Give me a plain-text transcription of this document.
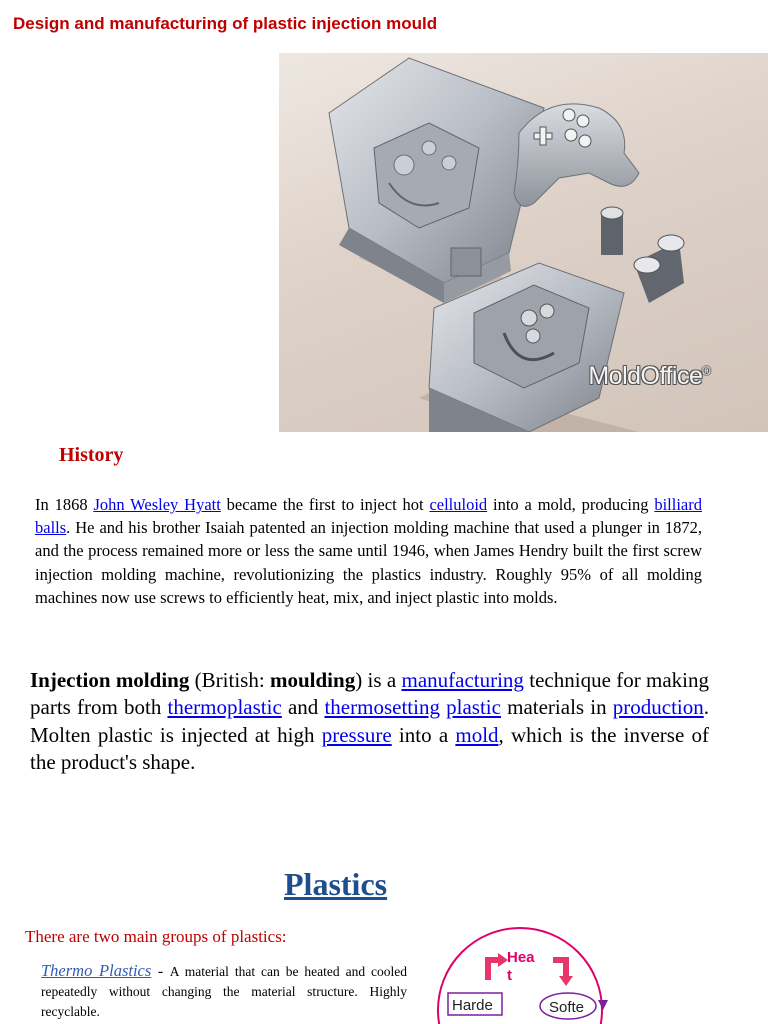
Design and manufacturing of plastic injection mould
MoldOffice®
History
In 1868 John Wesley Hyatt became the first to inject hot celluloid into a mold, producing billiard balls. He and his brother Isaiah patented an injection molding machine that used a plunger in 1872, and the process remained more or less the same until 1946, when James Hendry built the first screw injection molding machine, revolutionizing the plastics industry. Roughly 95% of all molding machines now use screws to efficiently heat, mix, and inject plastic into molds.
Injection molding (British: moulding) is a manufacturing technique for making parts from both thermoplastic and thermosetting plastic materials in production. Molten plastic is injected at high pressure into a mold, which is the inverse of the product's shape.
Plastics
There are two main groups of plastics:
Thermo Plastics - A material that can be heated and cooled repeatedly without changing the material structure. Highly recyclable.
Hea
t
Harde	Softe
